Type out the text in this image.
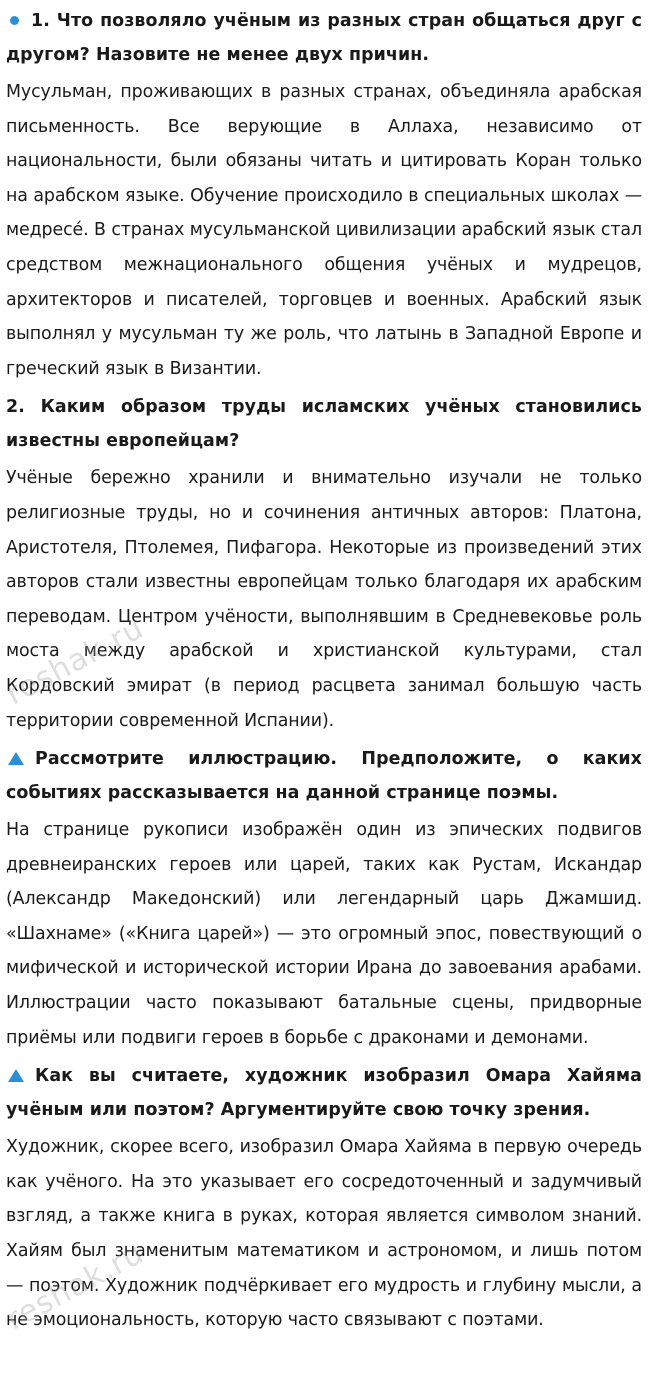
1. Что позволяло учёным из разных стран общаться друг с другом? Назовите не менее двух причин.

Мусульман, проживающих в разных странах, объединяла арабская письменность. Все верующие в Аллаха, независимо от национальности, были обязаны читать и цитировать Коран только на арабском языке. Обучение происходило в специальных школах — медресе́. В странах мусульманской цивилизации арабский язык стал средством межнационального общения учёных и мудрецов, архитекторов и писателей, торговцев и военных. Арабский язык выполнял у мусульман ту же роль, что латынь в Западной Европе и греческий язык в Византии.

2. Каким образом труды исламских учёных становились известны европейцам?

Учёные бережно хранили и внимательно изучали не только религиозные труды, но и сочинения античных авторов: Платона, Аристотеля, Птолемея, Пифагора. Некоторые из произведений этих авторов стали известны европейцам только благодаря их арабским переводам. Центром учёности, выполнявшим в Средневековье роль моста между арабской и христианской культурами, стал Кордовский эмират (в период расцвета занимал большую часть территории современной Испании).

Рассмотрите иллюстрацию. Предположите, о каких событиях рассказывается на данной странице поэмы.

На странице рукописи изображён один из эпических подвигов древнеиранских героев или царей, таких как Рустам, Искандар (Александр Македонский) или легендарный царь Джамшид. «Шахнаме» («Книга царей») — это огромный эпос, повествующий о мифической и исторической истории Ирана до завоевания арабами. Иллюстрации часто показывают батальные сцены, придворные приёмы или подвиги героев в борьбе с драконами и демонами.

Как вы считаете, художник изобразил Омара Хайяма учёным или поэтом? Аргументируйте свою точку зрения.

Художник, скорее всего, изобразил Омара Хайяма в первую очередь как учёного. На это указывает его сосредоточенный и задумчивый взгляд, а также книга в руках, которая является символом знаний. Хайям был знаменитым математиком и астрономом, и лишь потом — поэтом. Художник подчёркивает его мудрость и глубину мысли, а не эмоциональность, которую часто связывают с поэтами.

reshak.ru
reshak.ru
